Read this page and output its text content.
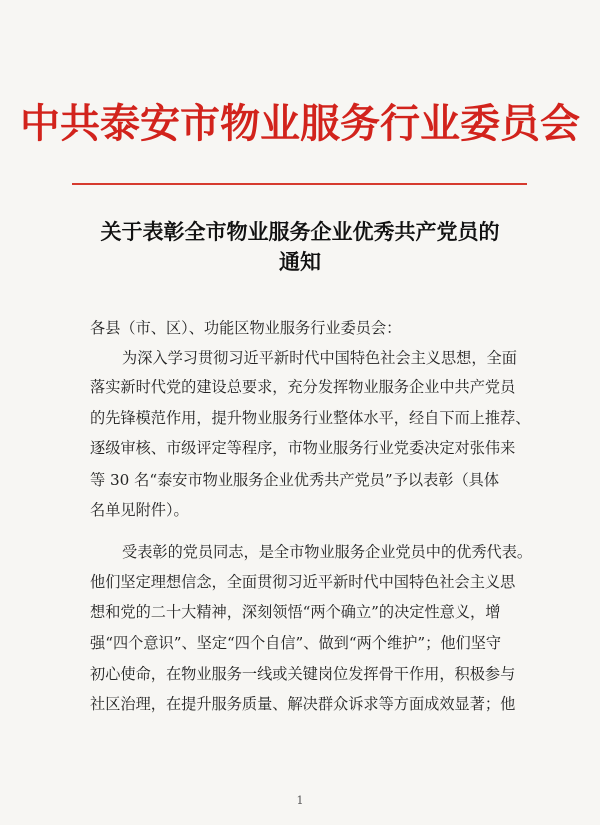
中共泰安市物业服务行业委员会
关于表彰全市物业服务企业优秀共产党员的
通知
各县（市、区）、功能区物业服务行业委员会：
为深入学习贯彻习近平新时代中国特色社会主义思想，全面
落实新时代党的建设总要求，充分发挥物业服务企业中共产党员
的先锋模范作用，提升物业服务行业整体水平，经自下而上推荐、
逐级审核、市级评定等程序，市物业服务行业党委决定对张伟来
等 30 名“泰安市物业服务企业优秀共产党员”予以表彰（具体
名单见附件）。
受表彰的党员同志，是全市物业服务企业党员中的优秀代表。
他们坚定理想信念，全面贯彻习近平新时代中国特色社会主义思
想和党的二十大精神，深刻领悟“两个确立”的决定性意义，增
强“四个意识”、坚定“四个自信”、做到“两个维护”；他们坚守
初心使命，在物业服务一线或关键岗位发挥骨干作用，积极参与
社区治理，在提升服务质量、解决群众诉求等方面成效显著；他
1
